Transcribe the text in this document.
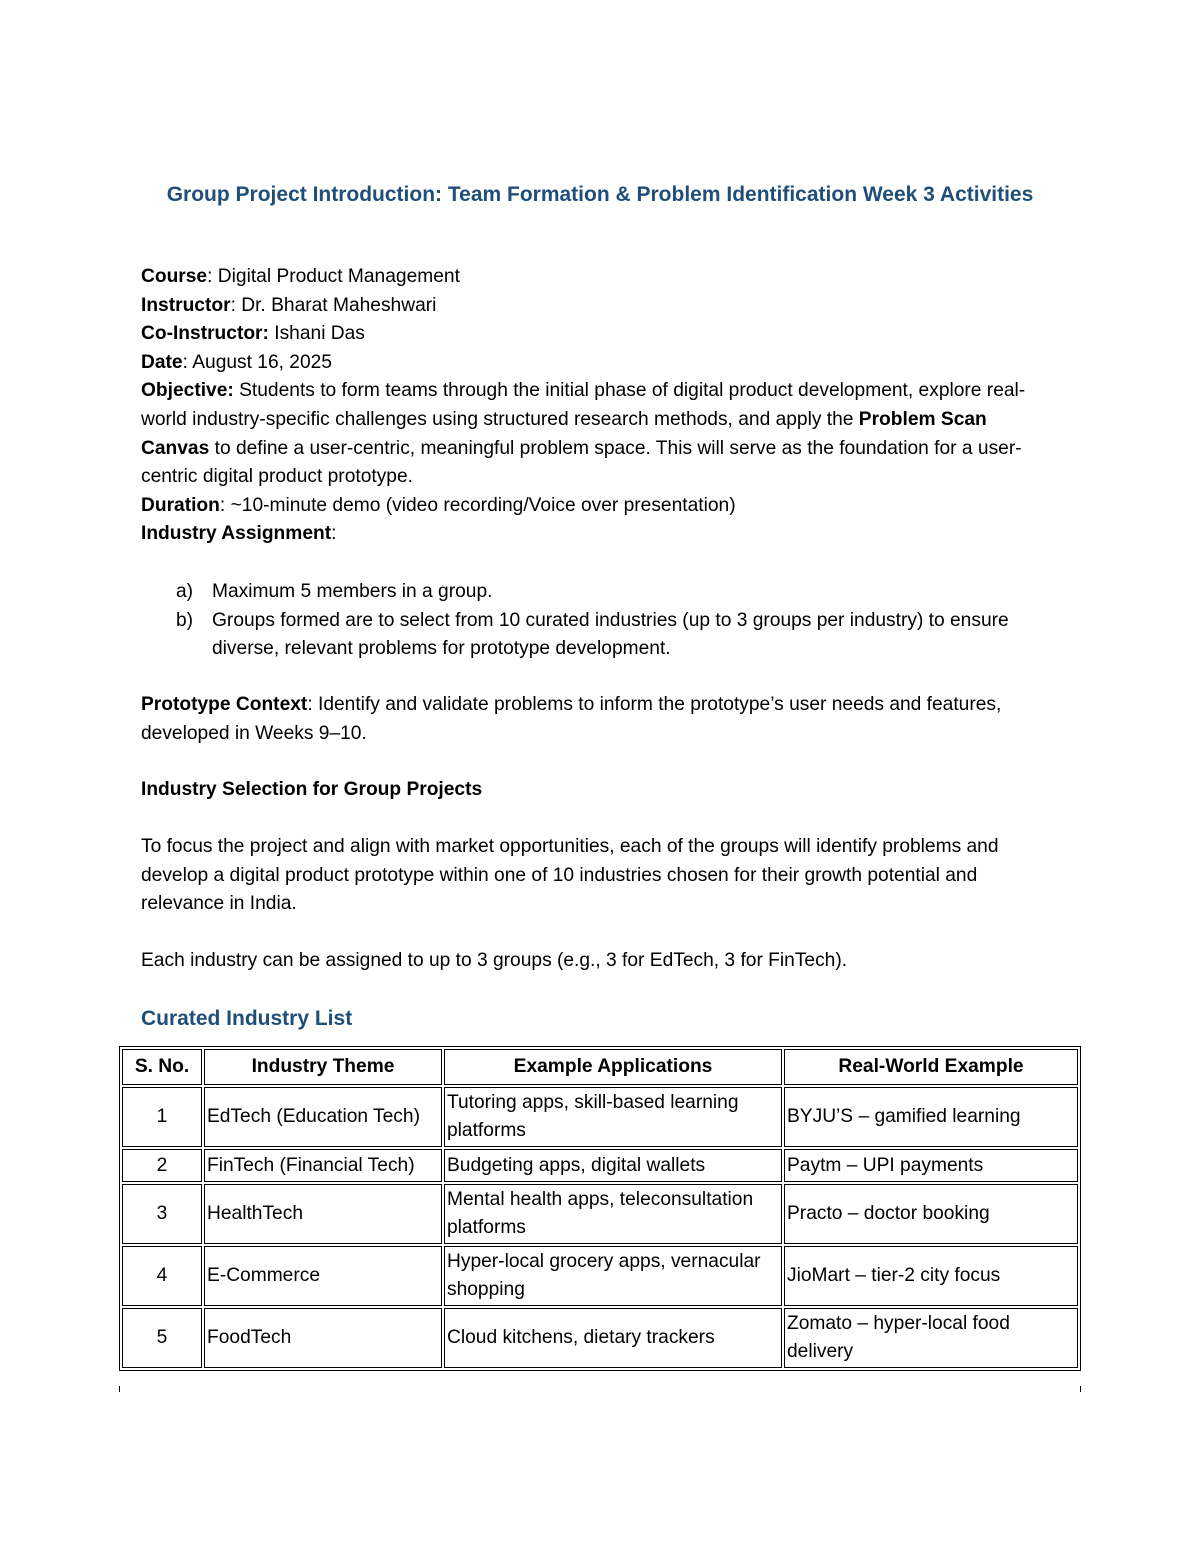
Group Project Introduction: Team Formation & Problem Identification Week 3 Activities

Course: Digital Product Management

Instructor: Dr. Bharat Maheshwari

Co-Instructor: Ishani Das

Date: August 16, 2025

Objective: Students to form teams through the initial phase of digital product development, explore real-world industry-specific challenges using structured research methods, and apply the Problem Scan Canvas to define a user-centric, meaningful problem space. This will serve as the foundation for a user-centric digital product prototype.

Duration: ~10-minute demo (video recording/Voice over presentation)

Industry Assignment:

a) Maximum 5 members in a group.
b) Groups formed are to select from 10 curated industries (up to 3 groups per industry) to ensure diverse, relevant problems for prototype development.

Prototype Context: Identify and validate problems to inform the prototype’s user needs and features, developed in Weeks 9–10.

Industry Selection for Group Projects
To focus the project and align with market opportunities, each of the groups will identify problems and develop a digital product prototype within one of 10 industries chosen for their growth potential and relevance in India.
Each industry can be assigned to up to 3 groups (e.g., 3 for EdTech, 3 for FinTech).
Curated Industry List
S. No.	Industry Theme	Example Applications	Real-World Example
1	EdTech (Education Tech)	Tutoring apps, skill-based learning platforms	BYJU’S – gamified learning
2	FinTech (Financial Tech)	Budgeting apps, digital wallets	Paytm – UPI payments
3	HealthTech	Mental health apps, teleconsultation platforms	Practo – doctor booking
4	E-Commerce	Hyper-local grocery apps, vernacular shopping	JioMart – tier-2 city focus
5	FoodTech	Cloud kitchens, dietary trackers	Zomato – hyper-local food delivery
